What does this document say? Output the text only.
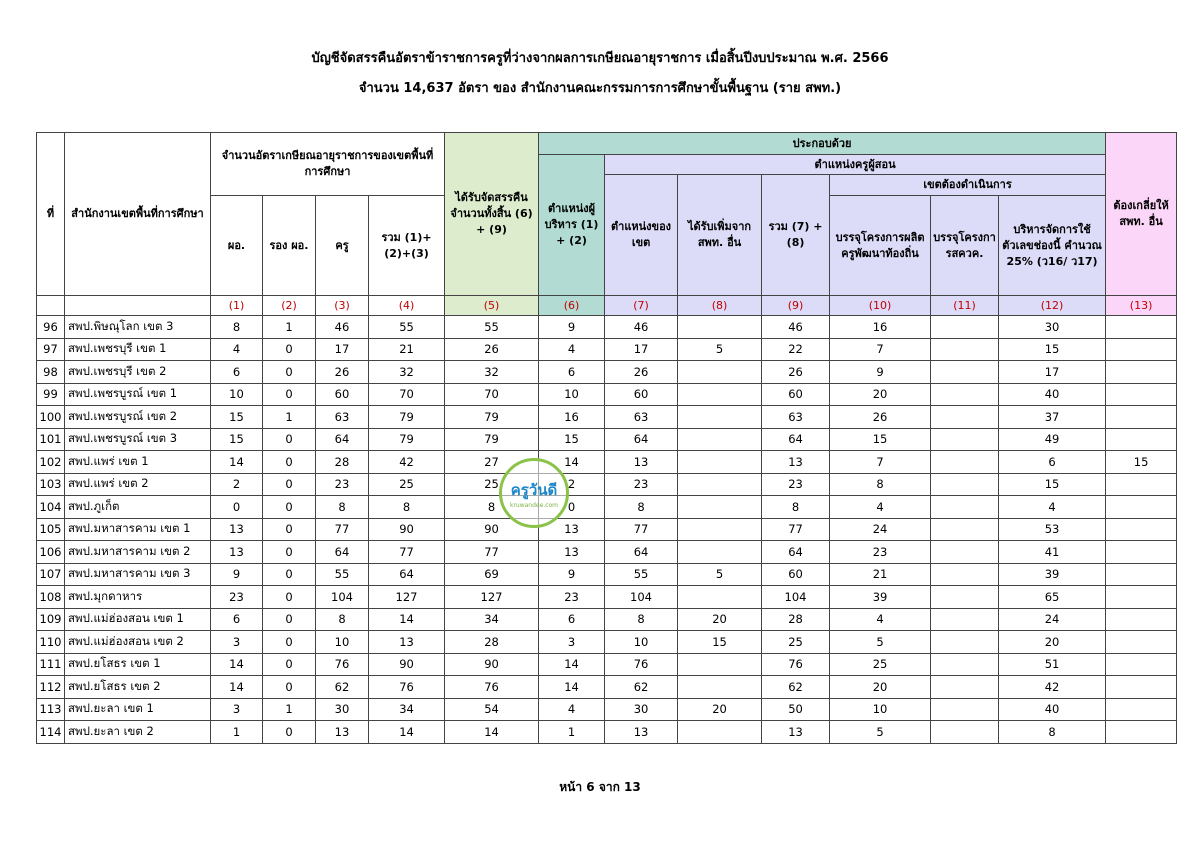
บัญชีจัดสรรคืนอัตราข้าราชการครูที่ว่างจากผลการเกษียณอายุราชการ เมื่อสิ้นปีงบประมาณ พ.ศ. 2566
จำนวน 14,637 อัตรา ของ สำนักงานคณะกรรมการการศึกษาขั้นพื้นฐาน (ราย สพท.)
ที่	สำนักงานเขตพื้นที่การศึกษา	จำนวนอัตราเกษียณอายุราชการของเขตพื้นที่การศึกษา				ได้รับจัดสรรคืนจำนวนทั้งสิ้น (6) + (9)	ประกอบด้วย							ต้องเกลี่ยให้ สพท. อื่น
							ตำแหน่งผู้บริหาร (1) + (2)	ตำแหน่งครูผู้สอน						
								ตำแหน่งของเขต	ได้รับเพิ่มจาก สพท. อื่น	รวม (7) + (8)	เขตต้องดำเนินการ			
		ผอ.	รอง ผอ.	ครู	รวม (1)+(2)+(3)						บรรจุโครงการผลิตครูพัฒนาท้องถิ่น	บรรจุโครงการสควค.	บริหารจัดการใช้ตัวเลขช่องนี้ คำนวณ 25% (ว16/ ว17)	
		(1)	(2)	(3)	(4)	(5)	(6)	(7)	(8)	(9)	(10)	(11)	(12)	(13)
96	สพป.พิษณุโลก เขต 3	8	1	46	55	55	9	46		46	16		30	
97	สพป.เพชรบุรี เขต 1	4	0	17	21	26	4	17	5	22	7		15	
98	สพป.เพชรบุรี เขต 2	6	0	26	32	32	6	26		26	9		17	
99	สพป.เพชรบูรณ์ เขต 1	10	0	60	70	70	10	60		60	20		40	
100	สพป.เพชรบูรณ์ เขต 2	15	1	63	79	79	16	63		63	26		37	
101	สพป.เพชรบูรณ์ เขต 3	15	0	64	79	79	15	64		64	15		49	
102	สพป.แพร่ เขต 1	14	0	28	42	27	14	13		13	7		6	15
103	สพป.แพร่ เขต 2	2	0	23	25	25	2	23		23	8		15	
104	สพป.ภูเก็ต	0	0	8	8	8	0	8		8	4		4	
105	สพป.มหาสารคาม เขต 1	13	0	77	90	90	13	77		77	24		53	
106	สพป.มหาสารคาม เขต 2	13	0	64	77	77	13	64		64	23		41	
107	สพป.มหาสารคาม เขต 3	9	0	55	64	69	9	55	5	60	21		39	
108	สพป.มุกดาหาร	23	0	104	127	127	23	104		104	39		65	
109	สพป.แม่ฮ่องสอน เขต 1	6	0	8	14	34	6	8	20	28	4		24	
110	สพป.แม่ฮ่องสอน เขต 2	3	0	10	13	28	3	10	15	25	5		20	
111	สพป.ยโสธร เขต 1	14	0	76	90	90	14	76		76	25		51	
112	สพป.ยโสธร เขต 2	14	0	62	76	76	14	62		62	20		42	
113	สพป.ยะลา เขต 1	3	1	30	34	54	4	30	20	50	10		40	
114	สพป.ยะลา เขต 2	1	0	13	14	14	1	13		13	5		8	
ครูวันดี
kruwandee.com
หน้า 6 จาก 13
